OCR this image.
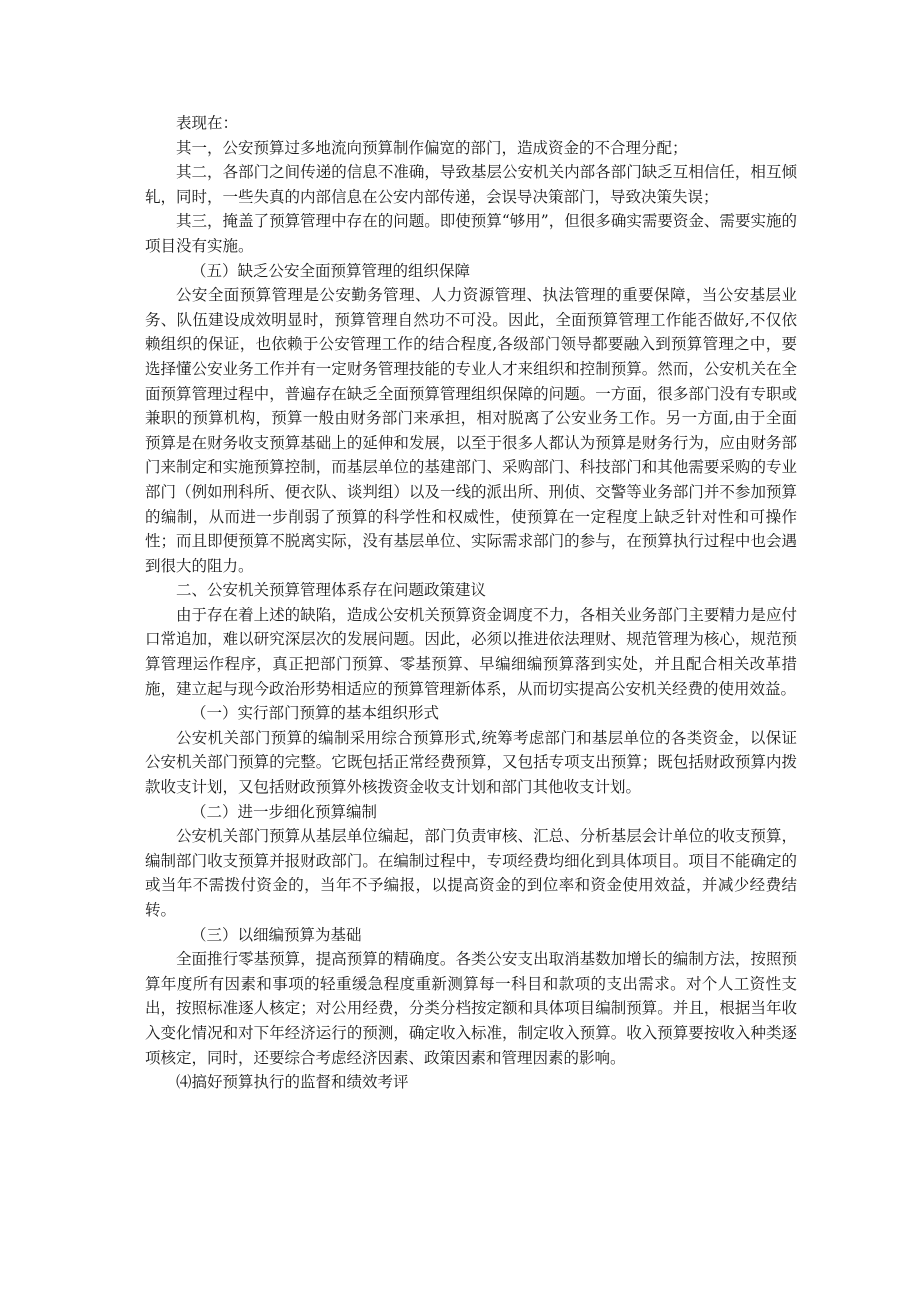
表现在：

其一，公安预算过多地流向预算制作偏宽的部门，造成资金的不合理分配；

其二，各部门之间传递的信息不准确，导致基层公安机关内部各部门缺乏互相信任，相互倾轧，同时，一些失真的内部信息在公安内部传递，会误导决策部门，导致决策失误；

其三，掩盖了预算管理中存在的问题。即使预算“够用”，但很多确实需要资金、需要实施的项目没有实施。

（五）缺乏公安全面预算管理的组织保障

公安全面预算管理是公安勤务管理、人力资源管理、执法管理的重要保障，当公安基层业务、队伍建设成效明显时，预算管理自然功不可没。因此，全面预算管理工作能否做好,不仅依赖组织的保证，也依赖于公安管理工作的结合程度,各级部门领导都要融入到预算管理之中，要选择懂公安业务工作并有一定财务管理技能的专业人才来组织和控制预算。然而，公安机关在全面预算管理过程中，普遍存在缺乏全面预算管理组织保障的问题。一方面，很多部门没有专职或兼职的预算机构，预算一般由财务部门来承担，相对脱离了公安业务工作。另一方面,由于全面预算是在财务收支预算基础上的延伸和发展，以至于很多人都认为预算是财务行为，应由财务部门来制定和实施预算控制，而基层单位的基建部门、采购部门、科技部门和其他需要采购的专业部门（例如刑科所、便衣队、谈判组）以及一线的派出所、刑侦、交警等业务部门并不参加预算的编制，从而进一步削弱了预算的科学性和权威性，使预算在一定程度上缺乏针对性和可操作性；而且即便预算不脱离实际，没有基层单位、实际需求部门的参与，在预算执行过程中也会遇到很大的阻力。

二、公安机关预算管理体系存在问题政策建议

由于存在着上述的缺陷，造成公安机关预算资金调度不力，各相关业务部门主要精力是应付口常追加，难以研究深层次的发展问题。因此，必须以推进依法理财、规范管理为核心，规范预算管理运作程序，真正把部门预算、零基预算、早编细编预算落到实处，并且配合相关改革措施，建立起与现今政治形势相适应的预算管理新体系，从而切实提高公安机关经费的使用效益。

（一）实行部门预算的基本组织形式

公安机关部门预算的编制采用综合预算形式,统筹考虑部门和基层单位的各类资金，以保证公安机关部门预算的完整。它既包括正常经费预算，又包括专项支出预算；既包括财政预算内拨款收支计划，又包括财政预算外核拨资金收支计划和部门其他收支计划。

（二）进一步细化预算编制

公安机关部门预算从基层单位编起，部门负责审核、汇总、分析基层会计单位的收支预算，编制部门收支预算并报财政部门。在编制过程中，专项经费均细化到具体项目。项目不能确定的或当年不需拨付资金的，当年不予编报，以提高资金的到位率和资金使用效益，并减少经费结转。

（三）以细编预算为基础

全面推行零基预算，提高预算的精确度。各类公安支出取消基数加增长的编制方法，按照预算年度所有因素和事项的轻重缓急程度重新测算每一科目和款项的支出需求。对个人工资性支出，按照标准逐人核定；对公用经费，分类分档按定额和具体项目编制预算。并且，根据当年收入变化情况和对下年经济运行的预测，确定收入标准，制定收入预算。收入预算要按收入种类逐项核定，同时，还要综合考虑经济因素、政策因素和管理因素的影响。

⑷搞好预算执行的监督和绩效考评
